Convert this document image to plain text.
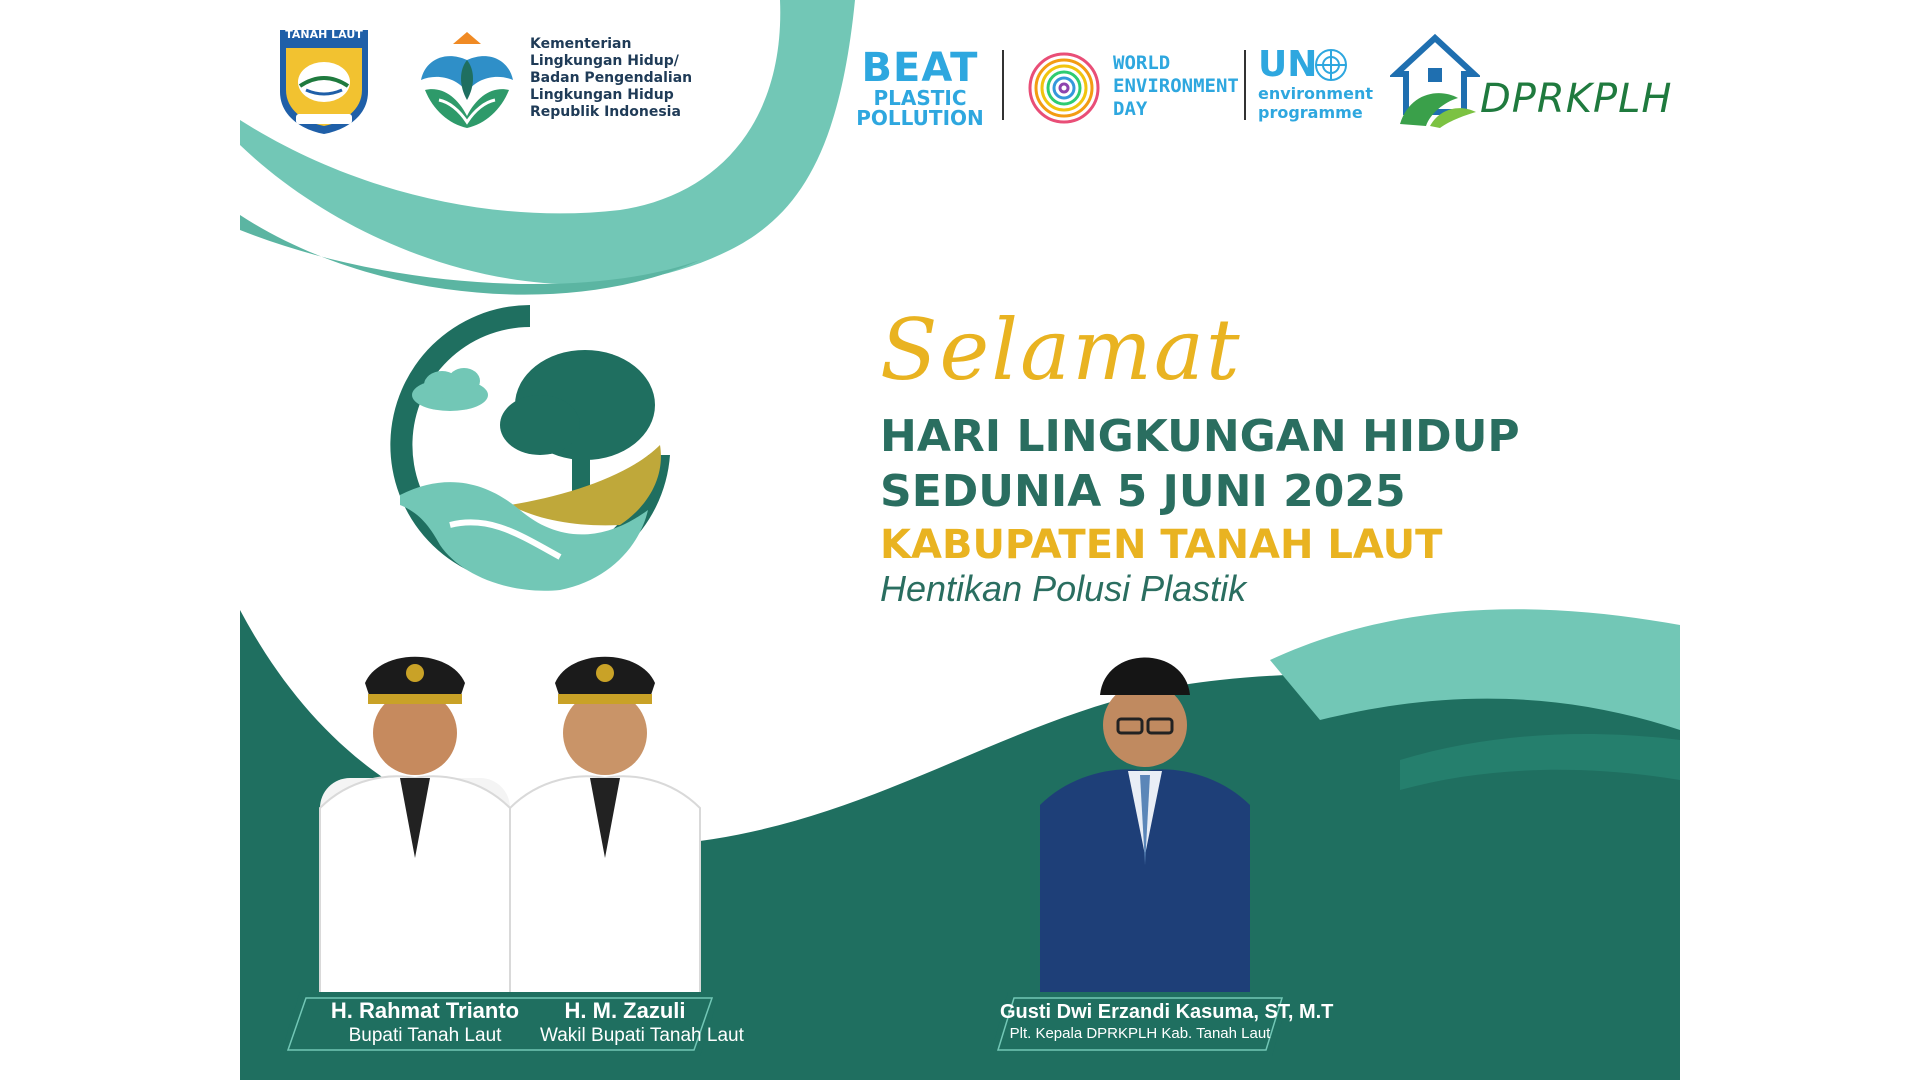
TANAH LAUT
Kementerian
Lingkungan Hidup/
Badan Pengendalian
Lingkungan Hidup
Republik Indonesia
BEAT
PLASTIC
POLLUTION
WORLD
ENVIRONMENT
DAY
UN
environment
programme	DPRKPLH
Selamat
HARI LINGKUNGAN HIDUP
SEDUNIA 5 JUNI 2025
KABUPATEN TANAH LAUT
Hentikan Polusi Plastik
H. Rahmat Trianto
Bupati Tanah Laut
H. M. Zazuli
Wakil Bupati Tanah Laut
Gusti Dwi Erzandi Kasuma, ST, M.T
Plt. Kepala DPRKPLH Kab. Tanah Laut
